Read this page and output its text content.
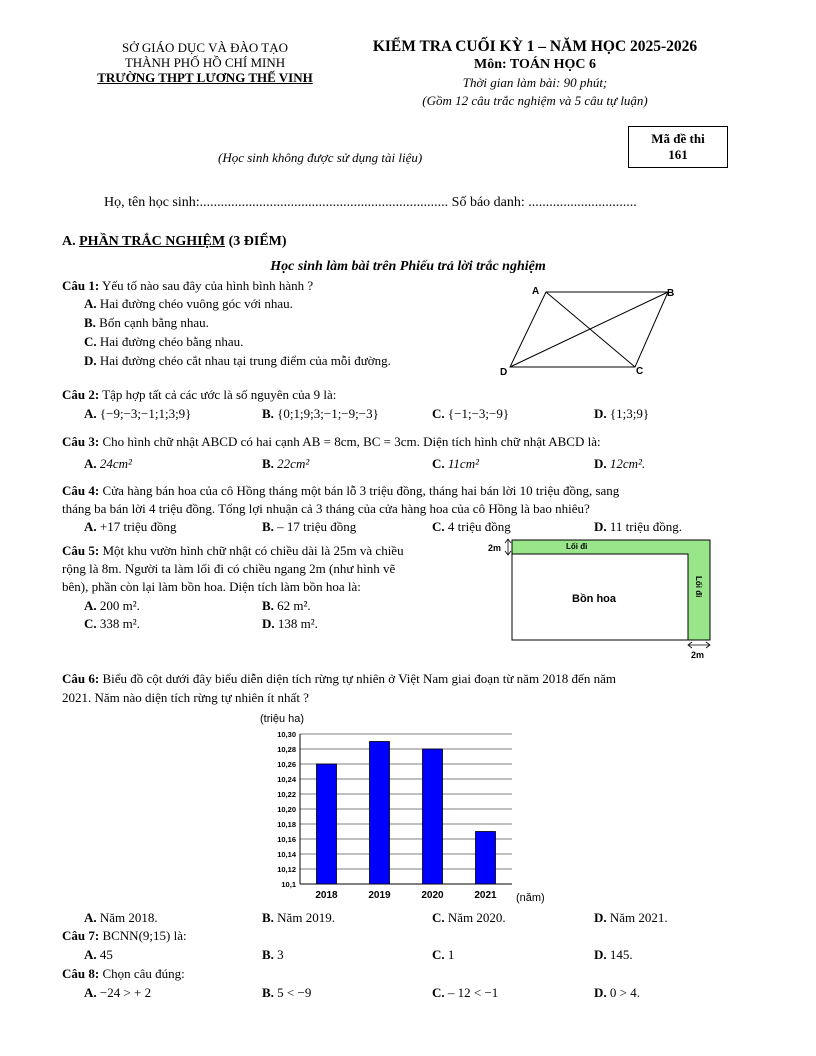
SỞ GIÁO DỤC VÀ ĐÀO TẠO
THÀNH PHỐ HỒ CHÍ MINH
TRƯỜNG THPT LƯƠNG THẾ VINH
KIỂM TRA CUỐI KỲ 1 – NĂM HỌC 2025-2026
Môn: TOÁN HỌC 6
Thời gian làm bài: 90 phút;
(Gồm 12 câu trắc nghiệm và 5 câu tự luận)
Mã đề thi
161
(Học sinh không được sử dụng tài liệu)
Họ, tên học sinh:....................................................................... Số báo danh: ...............................
A. PHẦN TRẮC NGHIỆM (3 ĐIỂM)
Học sinh làm bài trên Phiếu trả lời trắc nghiệm
Câu 1: Yếu tố nào sau đây của hình bình hành ?
A. Hai đường chéo vuông góc với nhau.
B. Bốn cạnh bằng nhau.
C. Hai đường chéo bằng nhau.
D. Hai đường chéo cắt nhau tại trung điểm của mỗi đường.
A	B
C
D
Câu 2: Tập hợp tất cả các ước là số nguyên của 9 là:
A. {−9;−3;−1;1;3;9}	B. {0;1;9;3;−1;−9;−3}	C. {−1;−3;−9}	D. {1;3;9}
Câu 3: Cho hình chữ nhật ABCD có hai cạnh AB = 8cm, BC = 3cm. Diện tích hình chữ nhật ABCD là:
A. 24cm²	B. 22cm²	C. 11cm²	D. 12cm².
Câu 4: Cửa hàng bán hoa của cô Hồng tháng một bán lỗ 3 triệu đồng, tháng hai bán lời 10 triệu đồng, sang
tháng ba bán lời 4 triệu đồng. Tổng lợi nhuận cả 3 tháng của cửa hàng hoa của cô Hồng là bao nhiêu?
A. +17 triệu đồng	B. – 17 triệu đồng	C. 4 triệu đồng	D. 11 triệu đồng.
Câu 5: Một khu vườn hình chữ nhật có chiều dài là 25m và chiều
rộng là 8m. Người ta làm lối đi có chiều ngang 2m (như hình vẽ
bên), phần còn lại làm bồn hoa. Diện tích làm bồn hoa là:
A. 200 m².	B. 62 m².
C. 338 m².	D. 138 m².
Lối đi
Lối đi
Bồn hoa
2m
2m
Câu 6: Biểu đồ cột dưới đây biểu diễn diện tích rừng tự nhiên ở Việt Nam giai đoạn từ năm 2018 đến năm
2021. Năm nào diện tích rừng tự nhiên ít nhất ?
(triệu ha)
(năm)
10,30
10,28
10,26
10,24
10,22
10,20
10,18
10,16
10,14
10,12
10,1
2018	2019	2020	2021
A. Năm 2018.	B. Năm 2019.	C. Năm 2020.	D. Năm 2021.
Câu 7: BCNN(9;15) là:
A. 45	B. 3	C. 1	D. 145.
Câu 8: Chọn câu đúng:
A. −24 > + 2	B. 5 < −9	C. – 12 < −1	D. 0 > 4.
